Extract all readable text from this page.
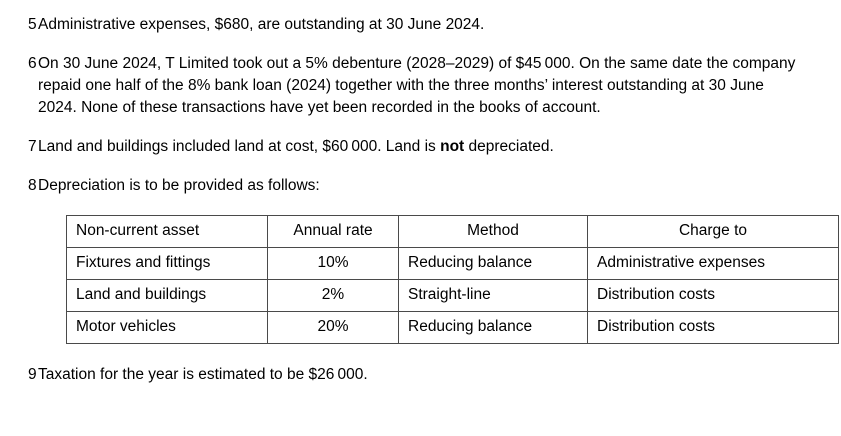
5 Administrative expenses, $680, are outstanding at 30 June 2024.
6 On 30 June 2024, T Limited took out a 5% debenture (2028–2029) of $45 000. On the same date the company repaid one half of the 8% bank loan (2024) together with the three months’ interest outstanding at 30 June 2024. None of these transactions have yet been recorded in the books of account.
7 Land and buildings included land at cost, $60 000. Land is not depreciated.
8 Depreciation is to be provided as follows:
Non-current asset	Annual rate	Method	Charge to
Fixtures and fittings	10%	Reducing balance	Administrative expenses
Land and buildings	2%	Straight-line	Distribution costs
Motor vehicles	20%	Reducing balance	Distribution costs
9 Taxation for the year is estimated to be $26 000.
